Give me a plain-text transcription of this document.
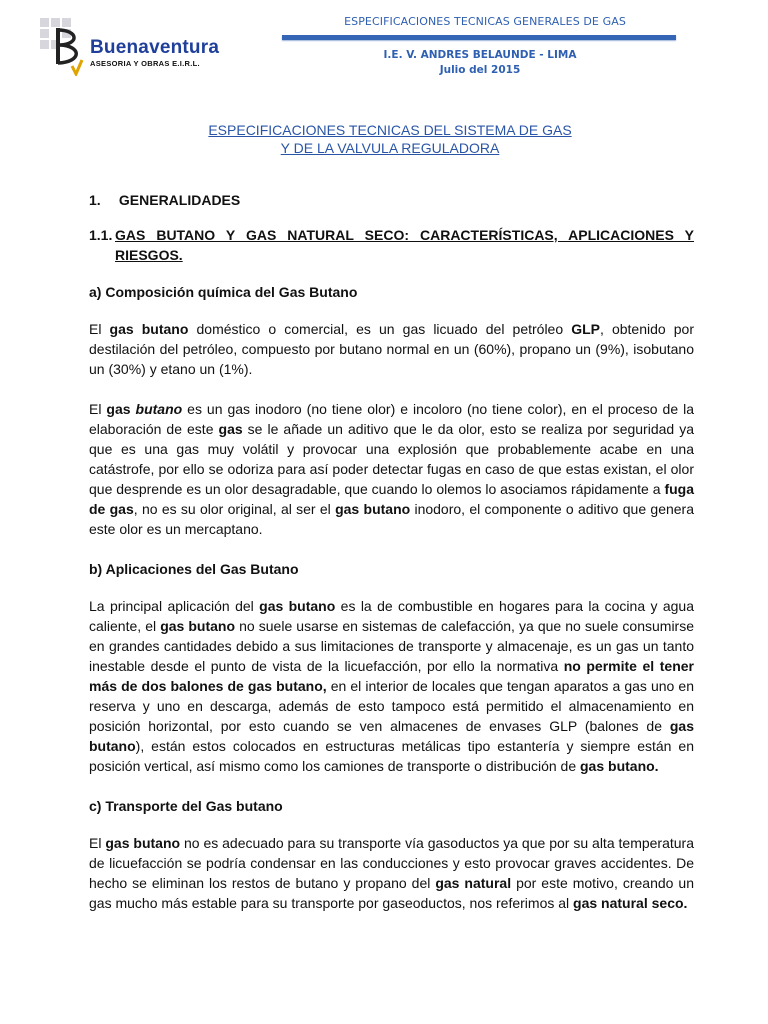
Buenaventura
ASESORIA Y OBRAS E.I.R.L.
ESPECIFICACIONES TECNICAS GENERALES DE GAS
I.E. V. ANDRES BELAUNDE - LIMA
Julio del 2015
ESPECIFICACIONES TECNICAS DEL SISTEMA DE GAS
Y DE LA VALVULA REGULADORA
1. GENERALIDADES
1.1. GAS BUTANO Y GAS NATURAL SECO: CARACTERÍSTICAS, APLICACIONES Y RIESGOS.
a) Composición química del Gas Butano

El gas butano doméstico o comercial, es un gas licuado del petróleo GLP, obtenido por destilación del petróleo, compuesto por butano normal en un (60%), propano un (9%), isobutano un (30%) y etano un (1%).

El gas butano es un gas inodoro (no tiene olor) e incoloro (no tiene color), en el proceso de la elaboración de este gas se le añade un aditivo que le da olor, esto se realiza por seguridad ya que es una gas muy volátil y provocar una explosión que probablemente acabe en una catástrofe, por ello se odoriza para así poder detectar fugas en caso de que estas existan, el olor que desprende es un olor desagradable, que cuando lo olemos lo asociamos rápidamente a fuga de gas, no es su olor original, al ser el gas butano inodoro, el componente o aditivo que genera este olor es un mercaptano.

b) Aplicaciones del Gas Butano

La principal aplicación del gas butano es la de combustible en hogares para la cocina y agua caliente, el gas butano no suele usarse en sistemas de calefacción, ya que no suele consumirse en grandes cantidades debido a sus limitaciones de transporte y almacenaje, es un gas un tanto inestable desde el punto de vista de la licuefacción, por ello la normativa no permite el tener más de dos balones de gas butano, en el interior de locales que tengan aparatos a gas uno en reserva y uno en descarga, además de esto tampoco está permitido el almacenamiento en posición horizontal, por esto cuando se ven almacenes de envases GLP (balones de gas butano), están estos colocados en estructuras metálicas tipo estantería y siempre están en posición vertical, así mismo como los camiones de transporte o distribución de gas butano.

c) Transporte del Gas butano

El gas butano no es adecuado para su transporte vía gasoductos ya que por su alta temperatura de licuefacción se podría condensar en las conducciones y esto provocar graves accidentes. De hecho se eliminan los restos de butano y propano del gas natural por este motivo, creando un gas mucho más estable para su transporte por gaseoductos, nos referimos al gas natural seco.
